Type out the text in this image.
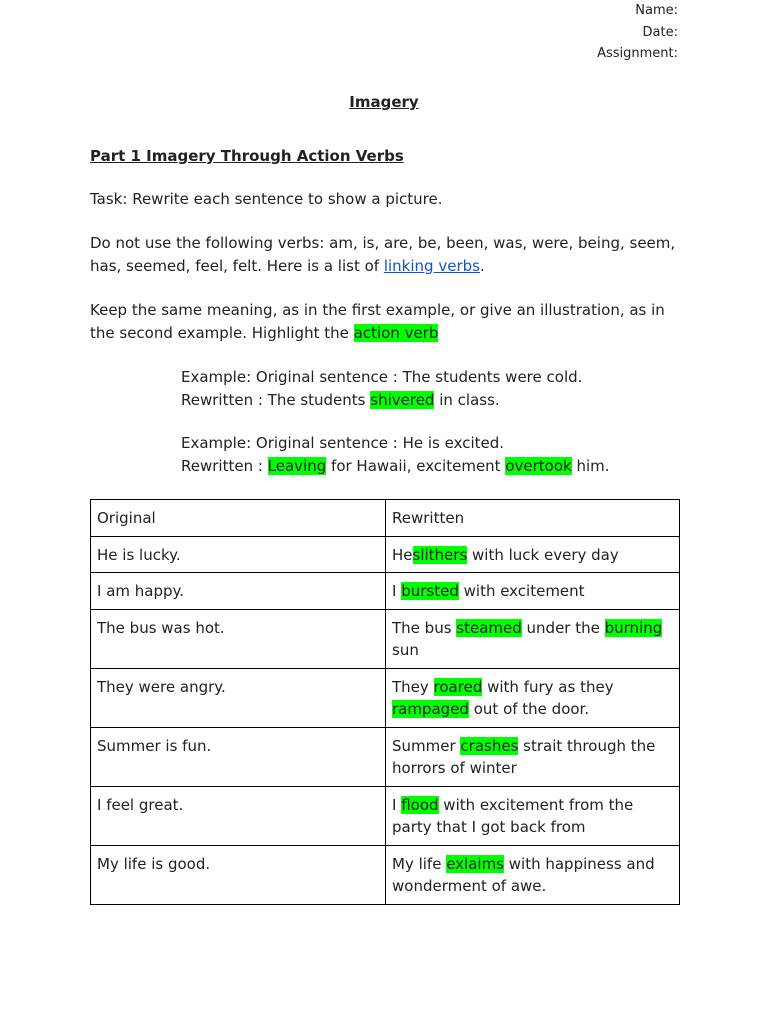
Name:
Date:
Assignment:
Imagery
Part 1 Imagery Through Action Verbs
Task: Rewrite each sentence to show a picture.
Do not use the following verbs: am, is, are, be, been, was, were, being, seem, has, seemed, feel, felt. Here is a list of linking verbs.
Keep the same meaning, as in the first example, or give an illustration, as in the second example. Highlight the action verb
Example: Original sentence : The students were cold.
Rewritten : The students shivered in class.
Example: Original sentence : He is excited.
Rewritten : Leaving for Hawaii, excitement overtook him.
Original	Rewritten
He is lucky.	Heslithers with luck every day
I am happy.	I bursted with excitement
The bus was hot.	The bus steamed under the burning sun
They were angry.	They roared with fury as they rampaged out of the door.
Summer is fun.	Summer crashes strait through the horrors of winter
I feel great.	I flood with excitement from the party that I got back from
My life is good.	My life exlaims with happiness and wonderment of awe.
